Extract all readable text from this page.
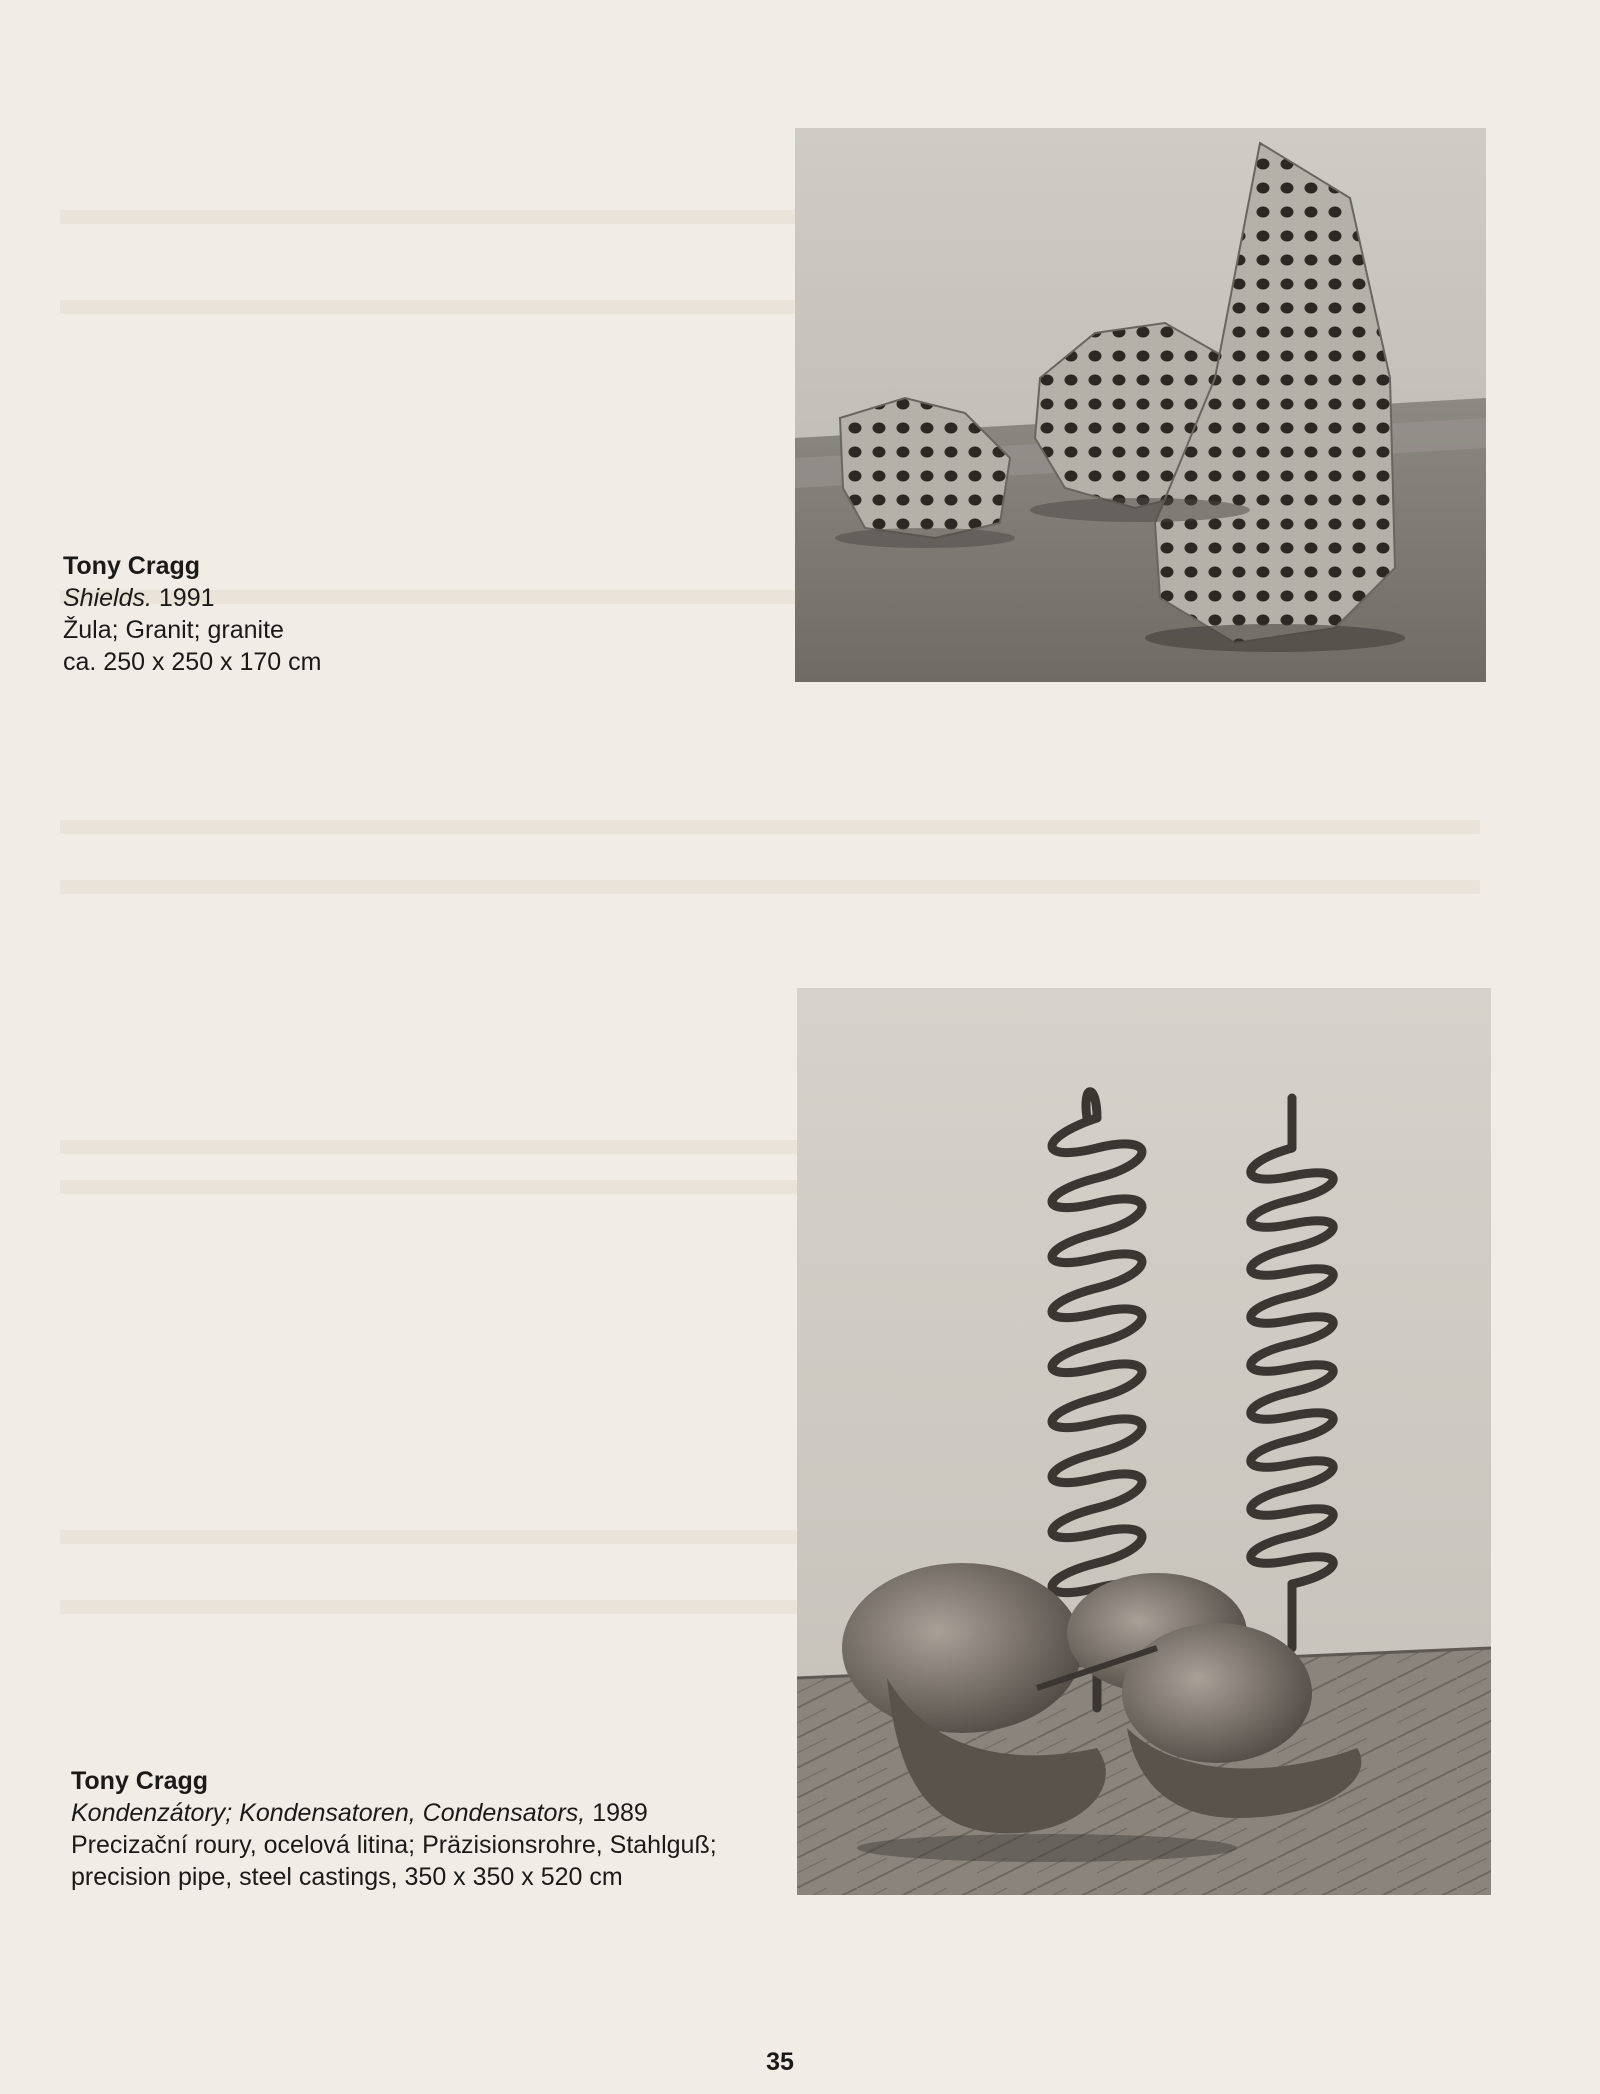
Tony Cragg
Shields. 1991
Žula; Granit; granite
ca. 250 x 250 x 170 cm
Tony Cragg
Kondenzátory; Kondensatoren, Condensators, 1989
Precizační roury, ocelová litina; Präzisionsrohre, Stahlguß;
precision pipe, steel castings, 350 x 350 x 520 cm
35
